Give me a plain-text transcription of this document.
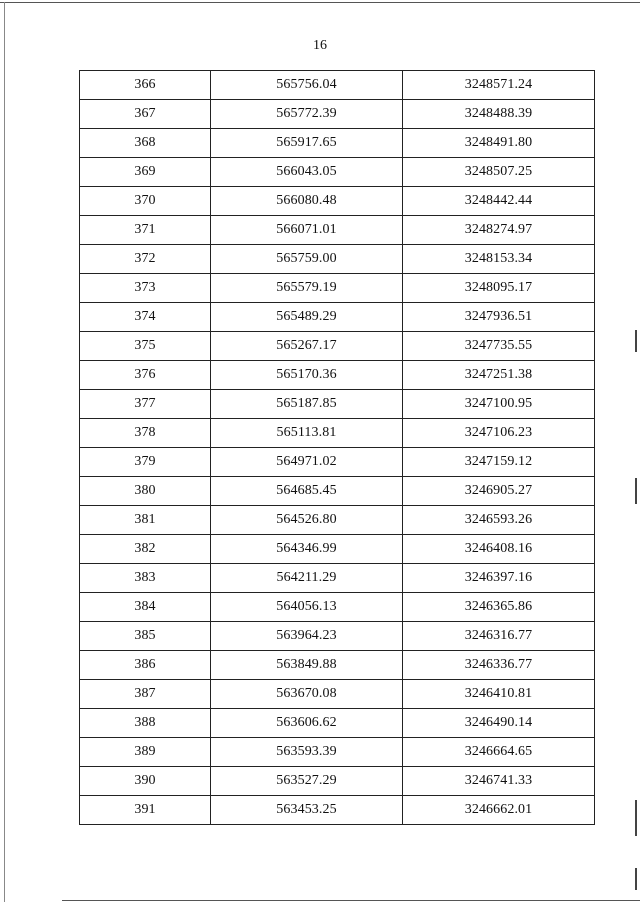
16
366	565756.04	3248571.24
367	565772.39	3248488.39
368	565917.65	3248491.80
369	566043.05	3248507.25
370	566080.48	3248442.44
371	566071.01	3248274.97
372	565759.00	3248153.34
373	565579.19	3248095.17
374	565489.29	3247936.51
375	565267.17	3247735.55
376	565170.36	3247251.38
377	565187.85	3247100.95
378	565113.81	3247106.23
379	564971.02	3247159.12
380	564685.45	3246905.27
381	564526.80	3246593.26
382	564346.99	3246408.16
383	564211.29	3246397.16
384	564056.13	3246365.86
385	563964.23	3246316.77
386	563849.88	3246336.77
387	563670.08	3246410.81
388	563606.62	3246490.14
389	563593.39	3246664.65
390	563527.29	3246741.33
391	563453.25	3246662.01
